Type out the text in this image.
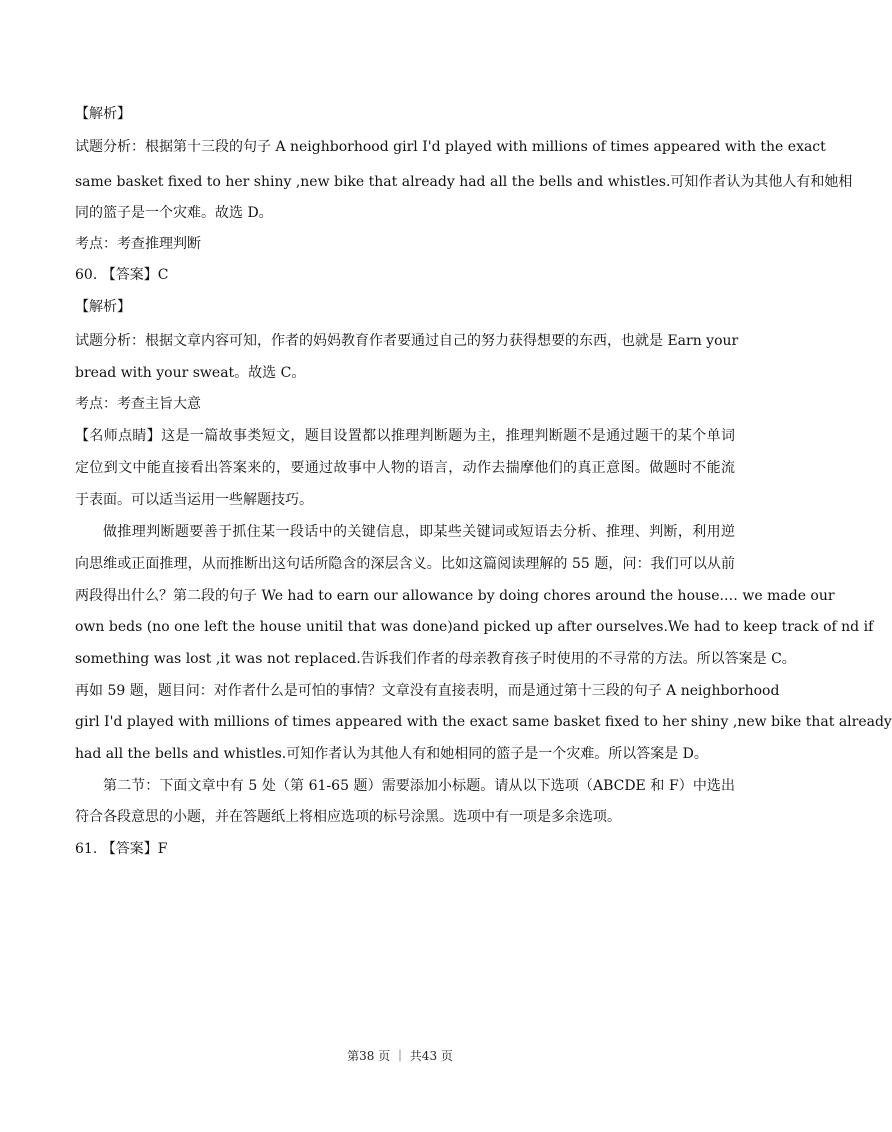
【解析】
试题分析：根据第十三段的句子 A neighborhood girl I'd played with millions of times appeared with the exact
same basket fixed to her shiny ,new bike that already had all the bells and whistles.可知作者认为其他人有和她相
同的篮子是一个灾难。故选 D。
考点：考查推理判断
60. 【答案】C
【解析】
试题分析：根据文章内容可知，作者的妈妈教育作者要通过自己的努力获得想要的东西，也就是 Earn your
bread with your sweat。故选 C。
考点：考查主旨大意
【名师点睛】这是一篇故事类短文，题目设置都以推理判断题为主，推理判断题不是通过题干的某个单词
定位到文中能直接看出答案来的，要通过故事中人物的语言，动作去揣摩他们的真正意图。做题时不能流
于表面。可以适当运用一些解题技巧。
做推理判断题要善于抓住某一段话中的关键信息，即某些关键词或短语去分析、推理、判断，利用逆
向思维或正面推理，从而推断出这句话所隐含的深层含义。比如这篇阅读理解的 55 题，问：我们可以从前
两段得出什么？第二段的句子 We had to earn our allowance by doing chores around the house.… we made our
own beds (no one left the house unitil that was done)and picked up after ourselves.We had to keep track of nd if
something was lost ,it was not replaced.告诉我们作者的母亲教育孩子时使用的不寻常的方法。所以答案是 C。
再如 59 题，题目问：对作者什么是可怕的事情？文章没有直接表明，而是通过第十三段的句子 A neighborhood
girl I'd played with millions of times appeared with the exact same basket fixed to her shiny ,new bike that already
had all the bells and whistles.可知作者认为其他人有和她相同的篮子是一个灾难。所以答案是 D。
第二节：下面文章中有 5 处（第 61-65 题）需要添加小标题。请从以下选项（ABCDE 和 F）中选出
符合各段意思的小题，并在答题纸上将相应选项的标号涂黑。选项中有一项是多余选项。
61. 【答案】F
第38 页 ｜ 共43 页
